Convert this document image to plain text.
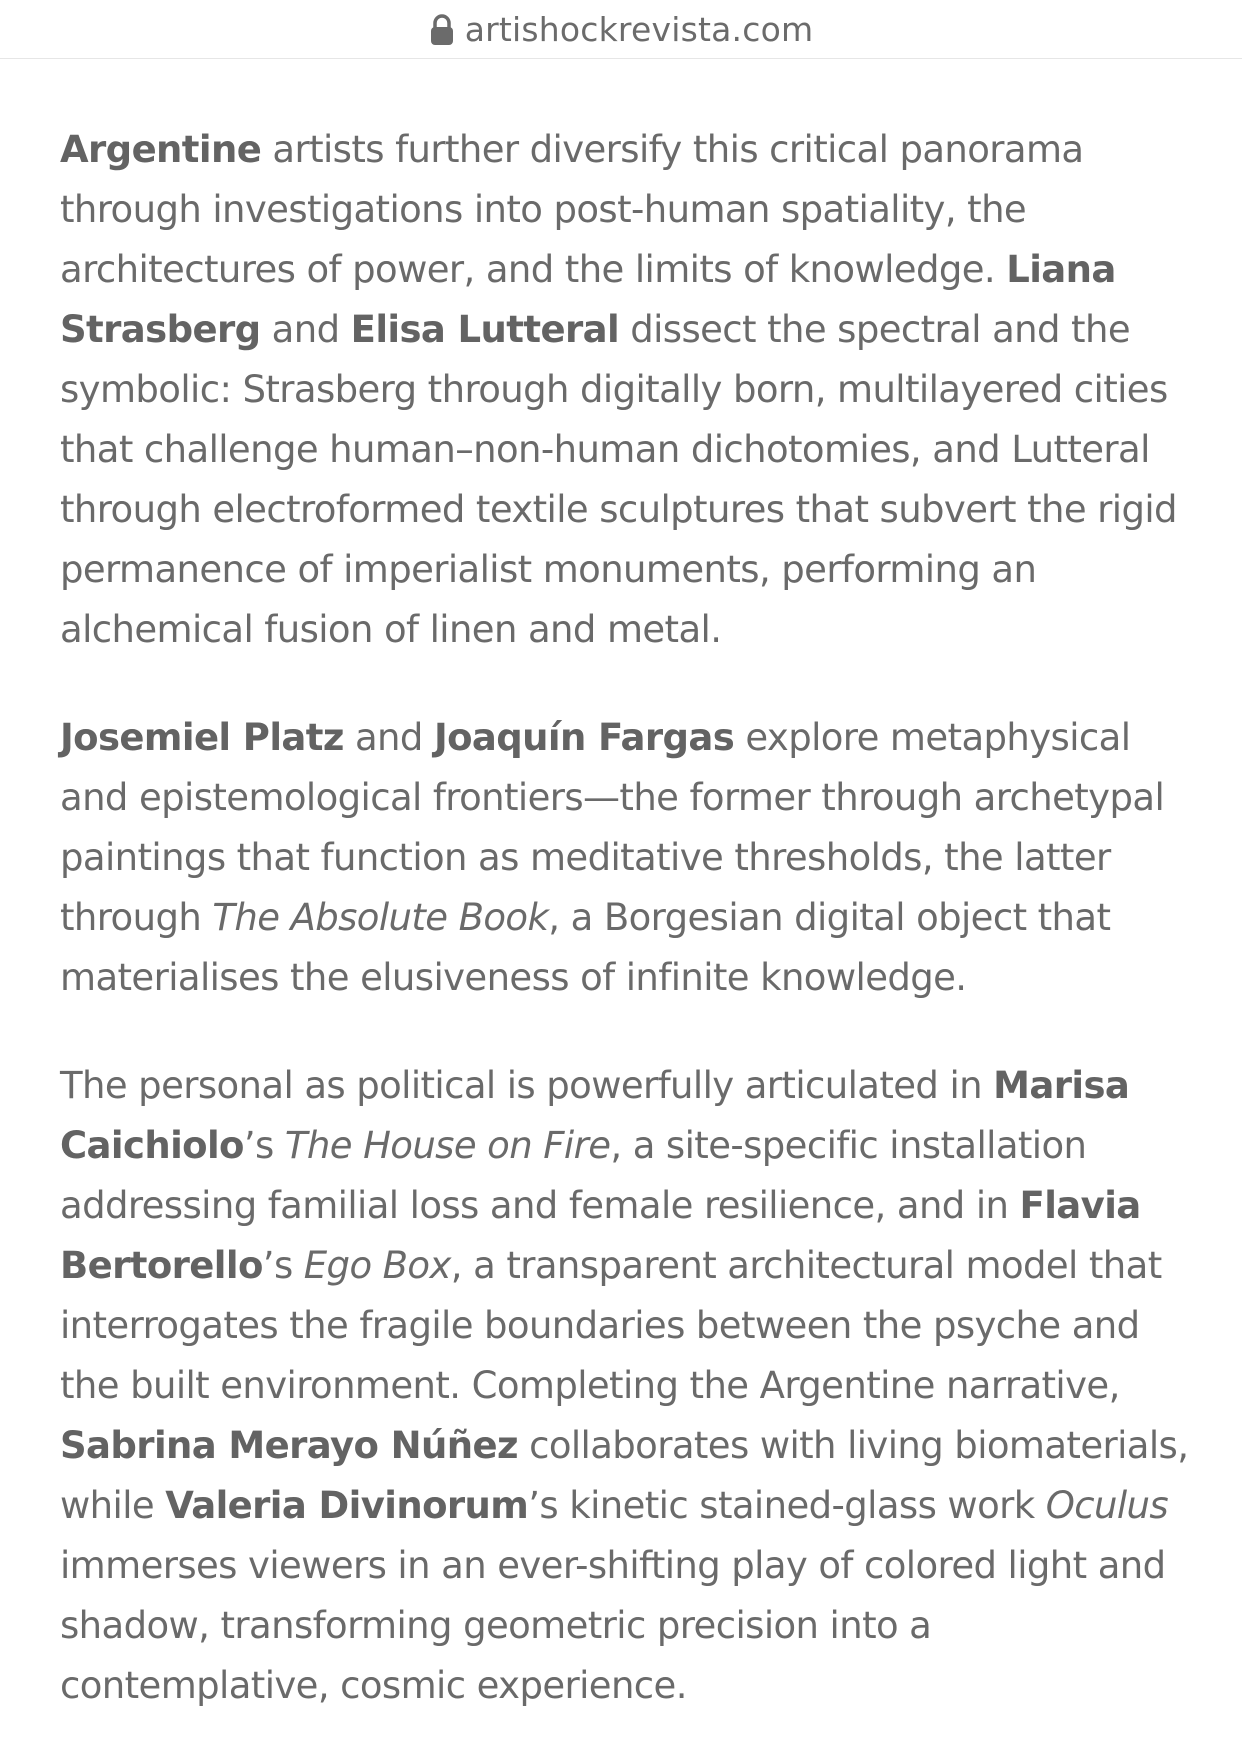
artishockrevista.com

Argentine artists further diversify this critical panorama through investigations into post-human spatiality, the architectures of power, and the limits of knowledge. Liana Strasberg and Elisa Lutteral dissect the spectral and the symbolic: Strasberg through digitally born, multilayered cities that challenge human–non-human dichotomies, and Lutteral through electroformed textile sculptures that subvert the rigid permanence of imperialist monuments, performing an alchemical fusion of linen and metal.

Josemiel Platz and Joaquín Fargas explore metaphysical and epistemological frontiers—the former through archetypal paintings that function as meditative thresholds, the latter through The Absolute Book, a Borgesian digital object that materialises the elusiveness of infinite knowledge.

The personal as political is powerfully articulated in Marisa Caichiolo’s The House on Fire, a site-specific installation addressing familial loss and female resilience, and in Flavia Bertorello’s Ego Box, a transparent architectural model that interrogates the fragile boundaries between the psyche and the built environment. Completing the Argentine narrative, Sabrina Merayo Núñez collaborates with living biomaterials, while Valeria Divinorum’s kinetic stained-glass work Oculus immerses viewers in an ever-shifting play of colored light and shadow, transforming geometric precision into a contemplative, cosmic experience.
